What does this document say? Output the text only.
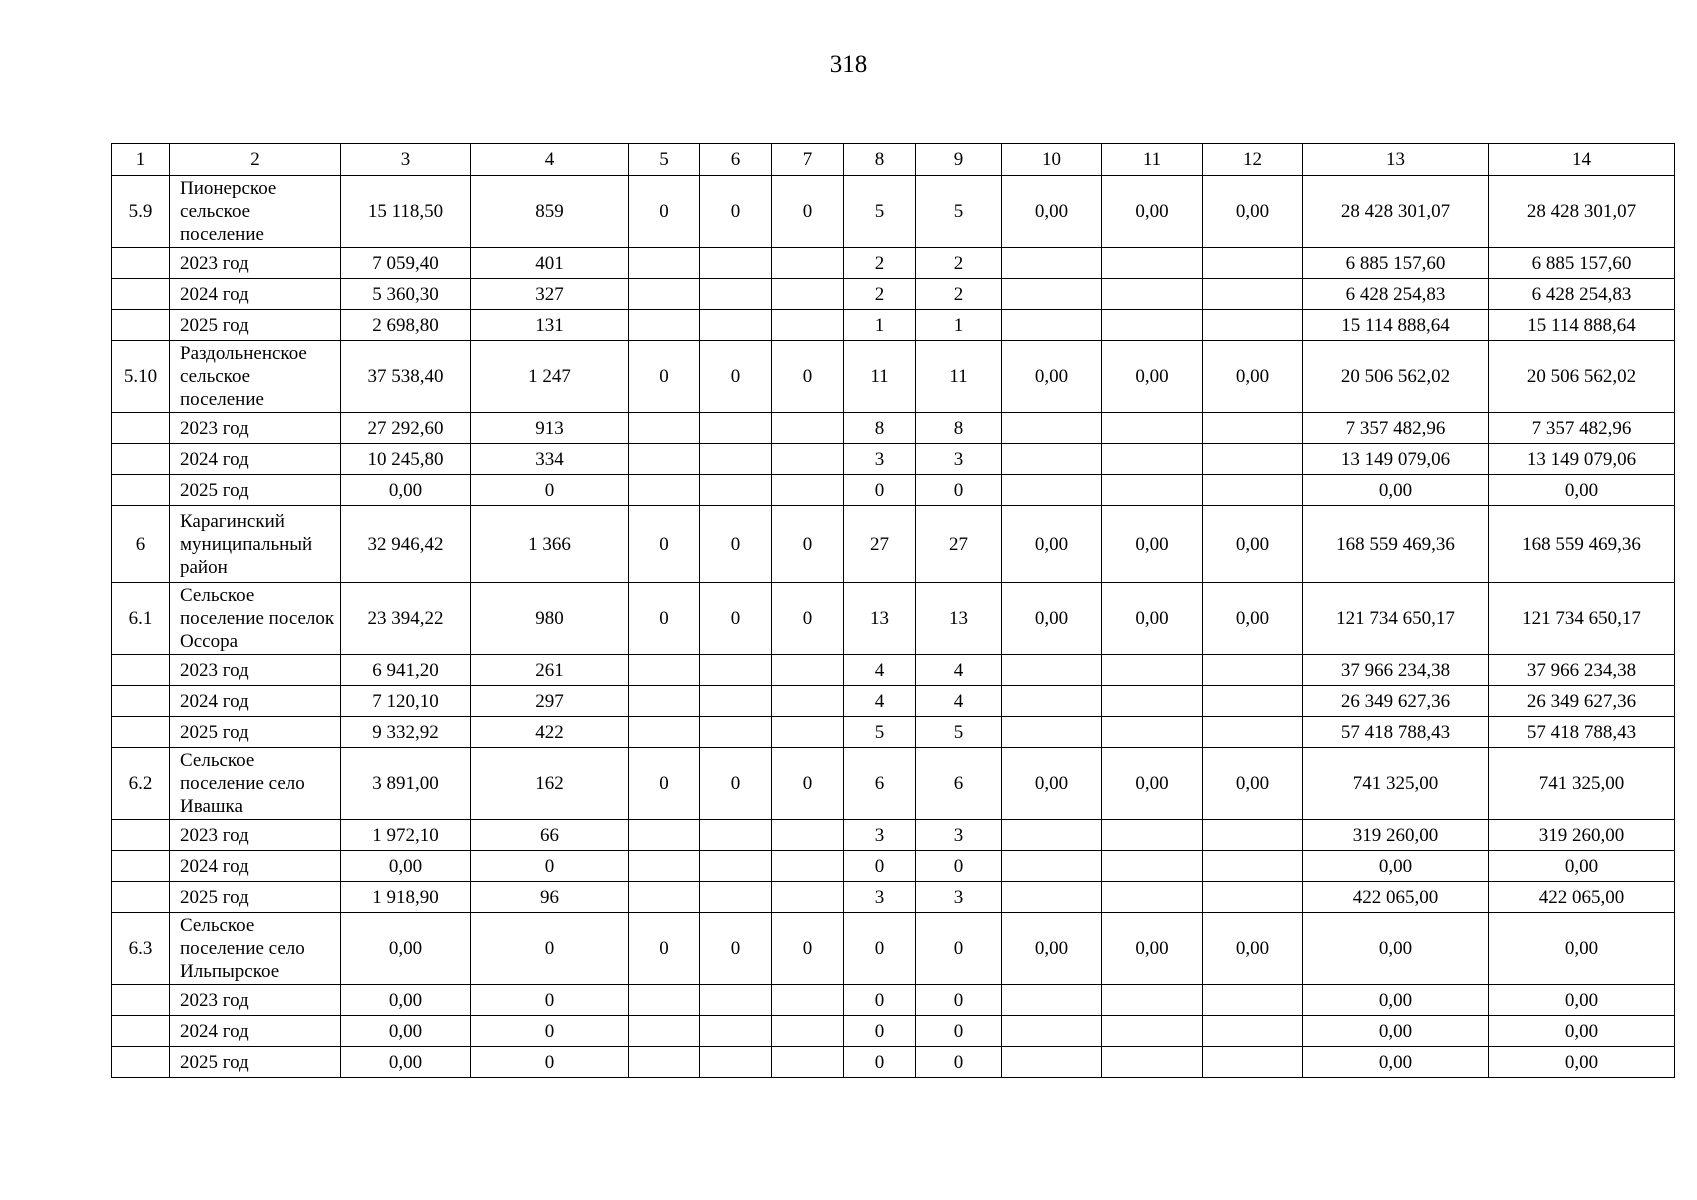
318
1	2	3	4	5	6	7	8	9	10	11	12	13	14
5.9	Пионерское сельское поселение	15 118,50	859	0	0	0	5	5	0,00	0,00	0,00	28 428 301,07	28 428 301,07
	2023 год	7 059,40	401				2	2				6 885 157,60	6 885 157,60
	2024 год	5 360,30	327				2	2				6 428 254,83	6 428 254,83
	2025 год	2 698,80	131				1	1				15 114 888,64	15 114 888,64
5.10	Раздольненское сельское поселение	37 538,40	1 247	0	0	0	11	11	0,00	0,00	0,00	20 506 562,02	20 506 562,02
	2023 год	27 292,60	913				8	8				7 357 482,96	7 357 482,96
	2024 год	10 245,80	334				3	3				13 149 079,06	13 149 079,06
	2025 год	0,00	0				0	0				0,00	0,00
6	Карагинский муниципальный район	32 946,42	1 366	0	0	0	27	27	0,00	0,00	0,00	168 559 469,36	168 559 469,36
6.1	Сельское поселение поселок Оссора	23 394,22	980	0	0	0	13	13	0,00	0,00	0,00	121 734 650,17	121 734 650,17
	2023 год	6 941,20	261				4	4				37 966 234,38	37 966 234,38
	2024 год	7 120,10	297				4	4				26 349 627,36	26 349 627,36
	2025 год	9 332,92	422				5	5				57 418 788,43	57 418 788,43
6.2	Сельское поселение село Ивашка	3 891,00	162	0	0	0	6	6	0,00	0,00	0,00	741 325,00	741 325,00
	2023 год	1 972,10	66				3	3				319 260,00	319 260,00
	2024 год	0,00	0				0	0				0,00	0,00
	2025 год	1 918,90	96				3	3				422 065,00	422 065,00
6.3	Сельское поселение село Ильпырское	0,00	0	0	0	0	0	0	0,00	0,00	0,00	0,00	0,00
	2023 год	0,00	0				0	0				0,00	0,00
	2024 год	0,00	0				0	0				0,00	0,00
	2025 год	0,00	0				0	0				0,00	0,00
